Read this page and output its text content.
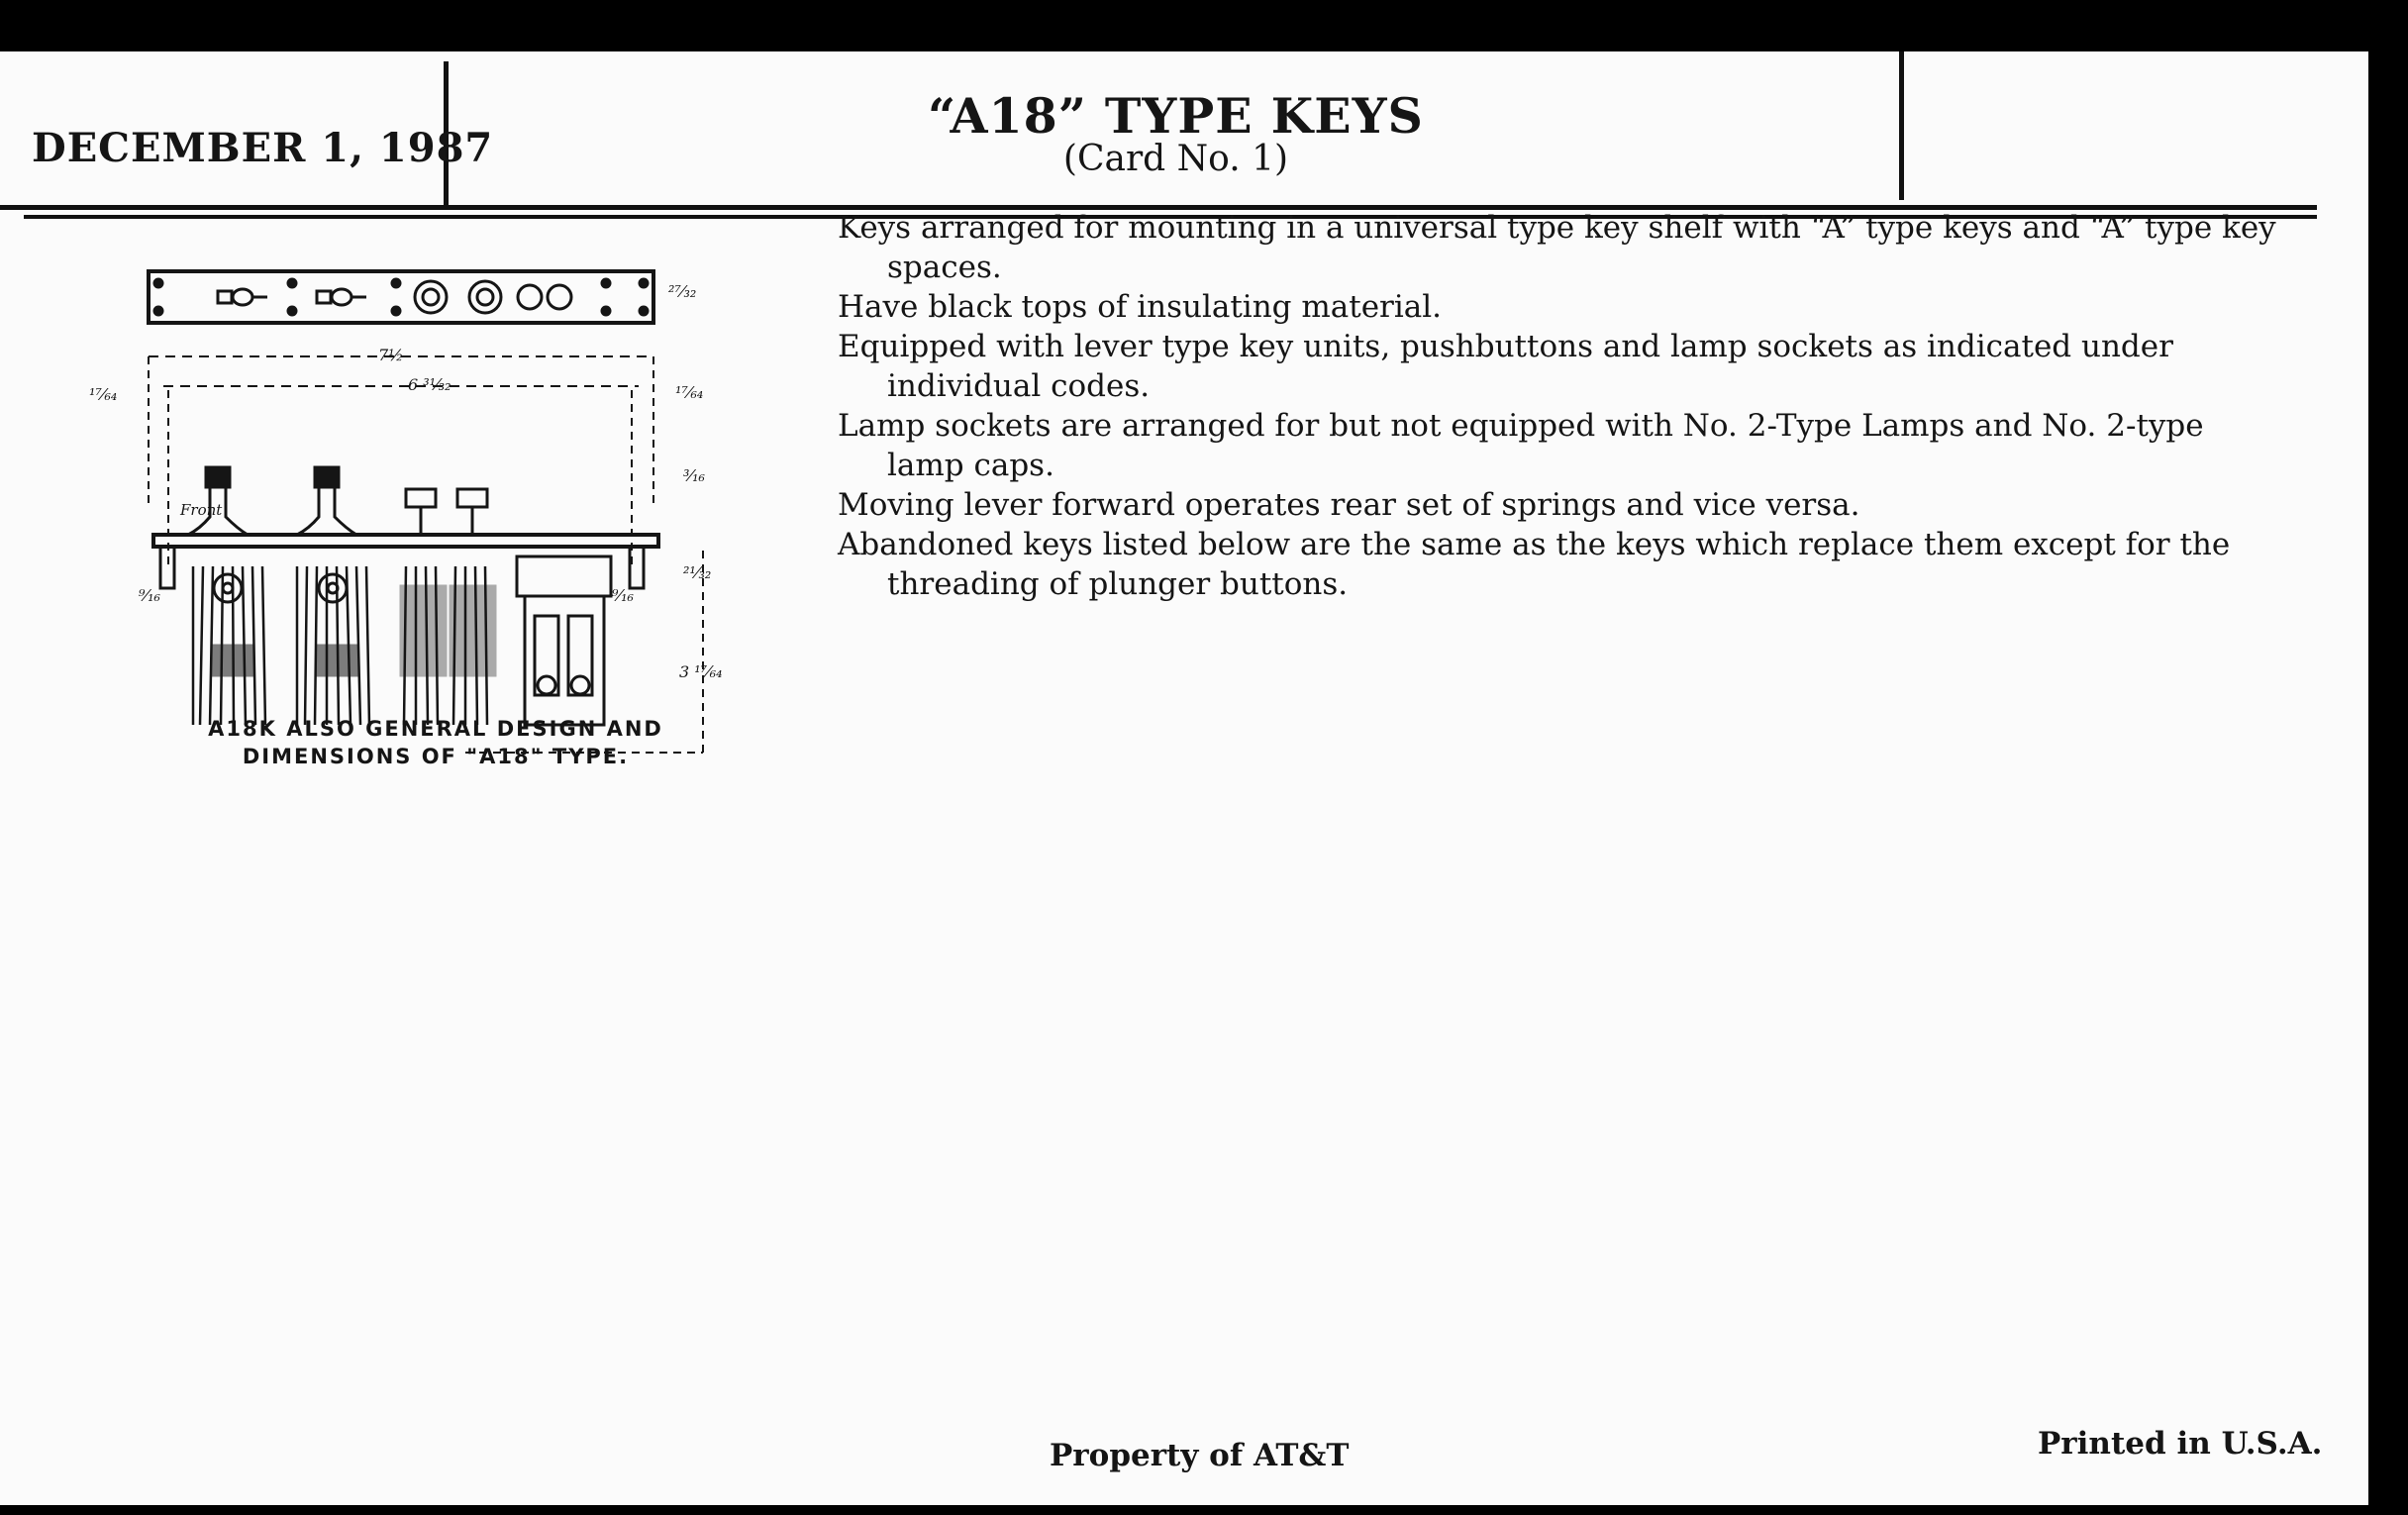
DECEMBER 1, 1987
“A18” TYPE KEYS
(Card No. 1)

Keys arranged for mounting in a universal type key shelf with “A” type keys and “A” type key spaces.

Have black tops of insulating material.

Equipped with lever type key units, pushbuttons and lamp sockets as indicated under individual codes.

Lamp sockets are arranged for but not equipped with No. 2-Type Lamps and No. 2-type lamp caps.

Moving lever forward operates rear set of springs and vice versa.

Abandoned keys listed below are the same as the keys which replace them except for the threading of plunger buttons.

7½
6 ³¹⁄₃₂
²⁷⁄₃₂
¹⁷⁄₆₄	¹⁷⁄₆₄
³⁄₁₆
²¹⁄₃₂
⁹⁄₁₆	⁹⁄₁₆
3 ¹⁷⁄₆₄
Front
A18K ALSO GENERAL DESIGN AND
DIMENSIONS OF "A18" TYPE.
Property of AT&T	Printed in U.S.A.
